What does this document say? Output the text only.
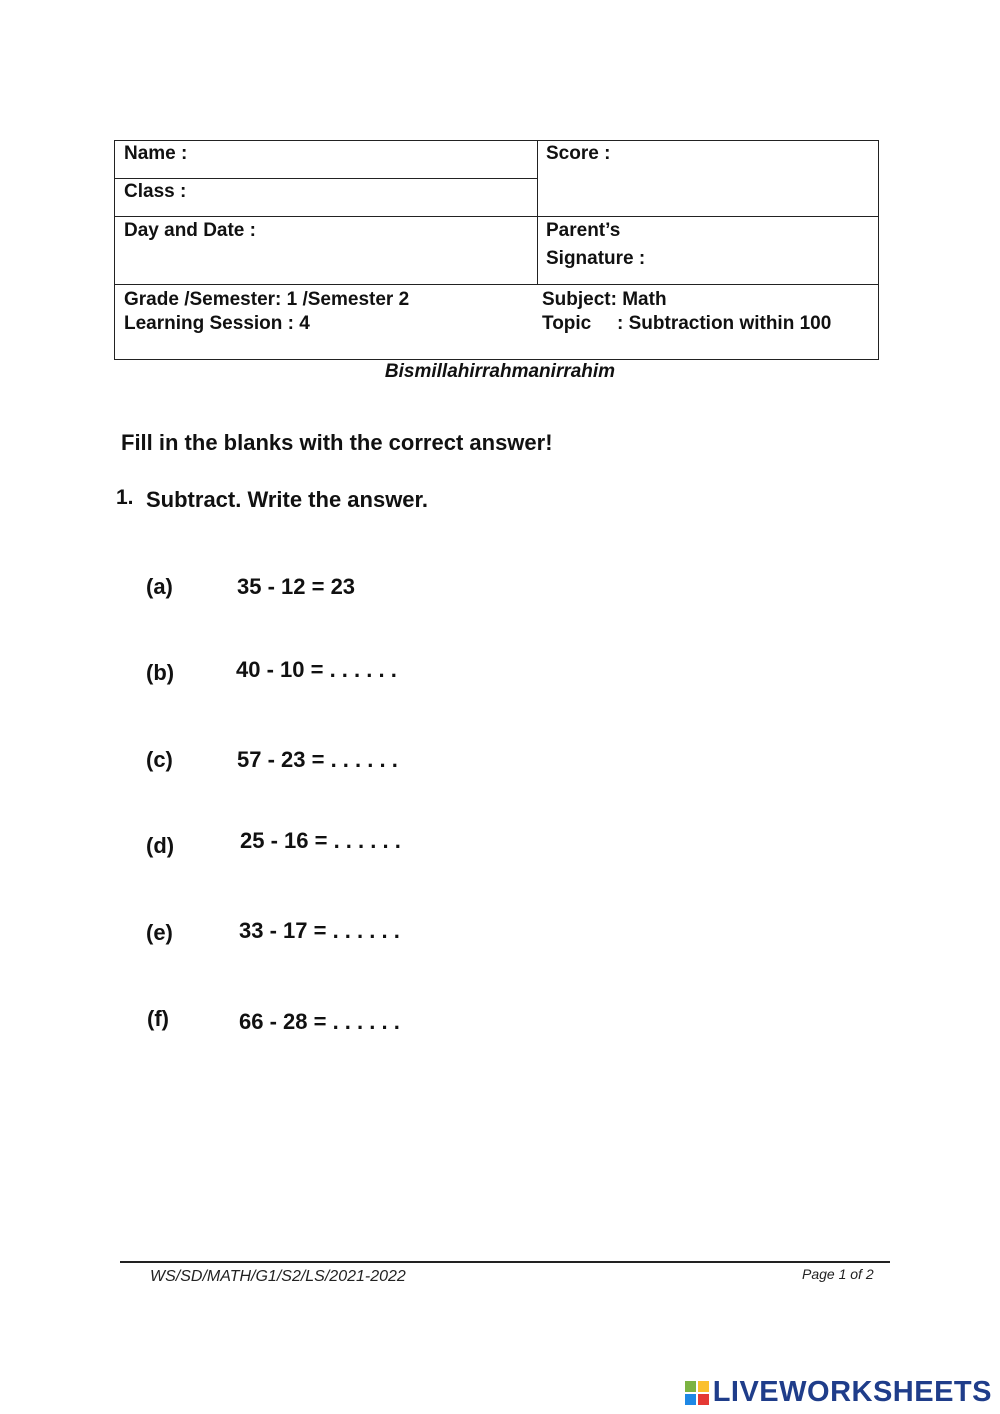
Name :
Class :
Score :
Day and Date :	Parent’s
Signature :
Grade /Semester: 1 /Semester 2
Learning Session : 4
Subject: Math
Topic : Subtraction within 100
Bismillahirrahmanirrahim
Fill in the blanks with the correct answer!
1. Subtract. Write the answer.
(a)	35 - 12 = 23
(b)	40 - 10 = . . . . . .
(c)	57 - 23 = . . . . . .
(d)	25 - 16 = . . . . . .
(e)	33 - 17 = . . . . . .
(f)	66 - 28 = . . . . . .
WS/SD/MATH/G1/S2/LS/2021-2022	Page 1 of 2
LIVEWORKSHEETS
